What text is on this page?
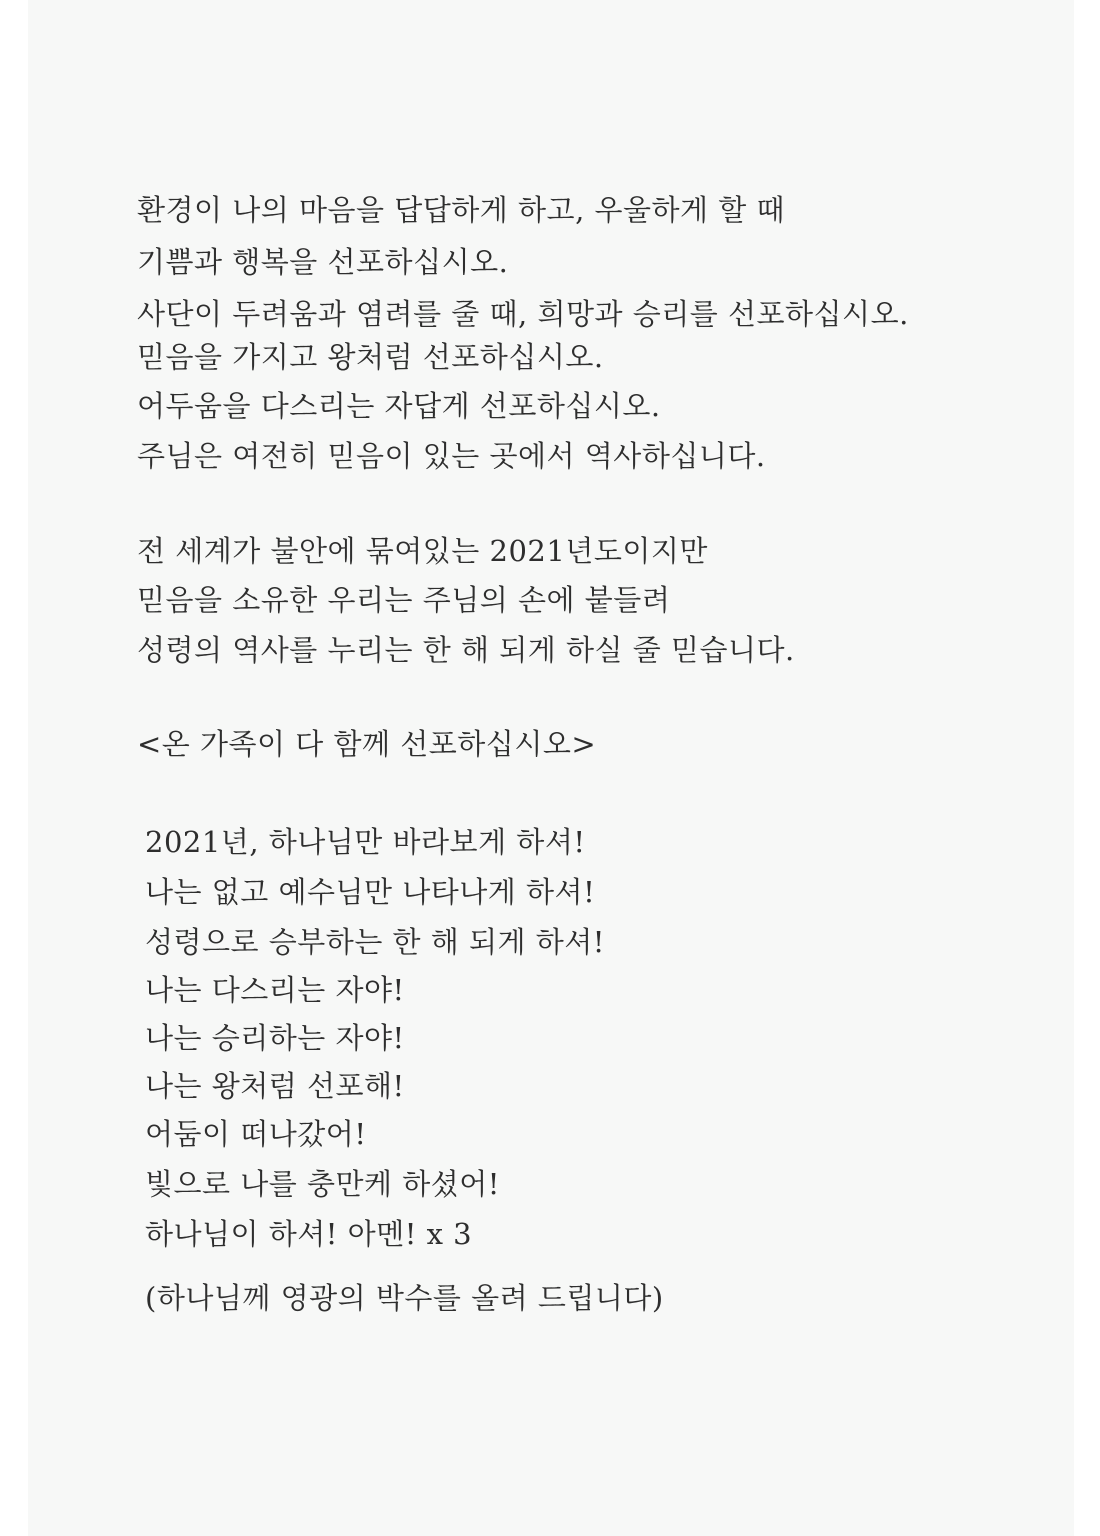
환경이 나의 마음을 답답하게 하고, 우울하게 할 때
기쁨과 행복을 선포하십시오.
사단이 두려움과 염려를 줄 때, 희망과 승리를 선포하십시오.
믿음을 가지고 왕처럼 선포하십시오.
어두움을 다스리는 자답게 선포하십시오.
주님은 여전히 믿음이 있는 곳에서 역사하십니다.
전 세계가 불안에 묶여있는 2021년도이지만
믿음을 소유한 우리는 주님의 손에 붙들려
성령의 역사를 누리는 한 해 되게 하실 줄 믿습니다.
<온 가족이 다 함께 선포하십시오>
2021년, 하나님만 바라보게 하셔!
나는 없고 예수님만 나타나게 하셔!
성령으로 승부하는 한 해 되게 하셔!
나는 다스리는 자야!
나는 승리하는 자야!
나는 왕처럼 선포해!
어둠이 떠나갔어!
빛으로 나를 충만케 하셨어!
하나님이 하셔! 아멘! x 3
(하나님께 영광의 박수를 올려 드립니다)
